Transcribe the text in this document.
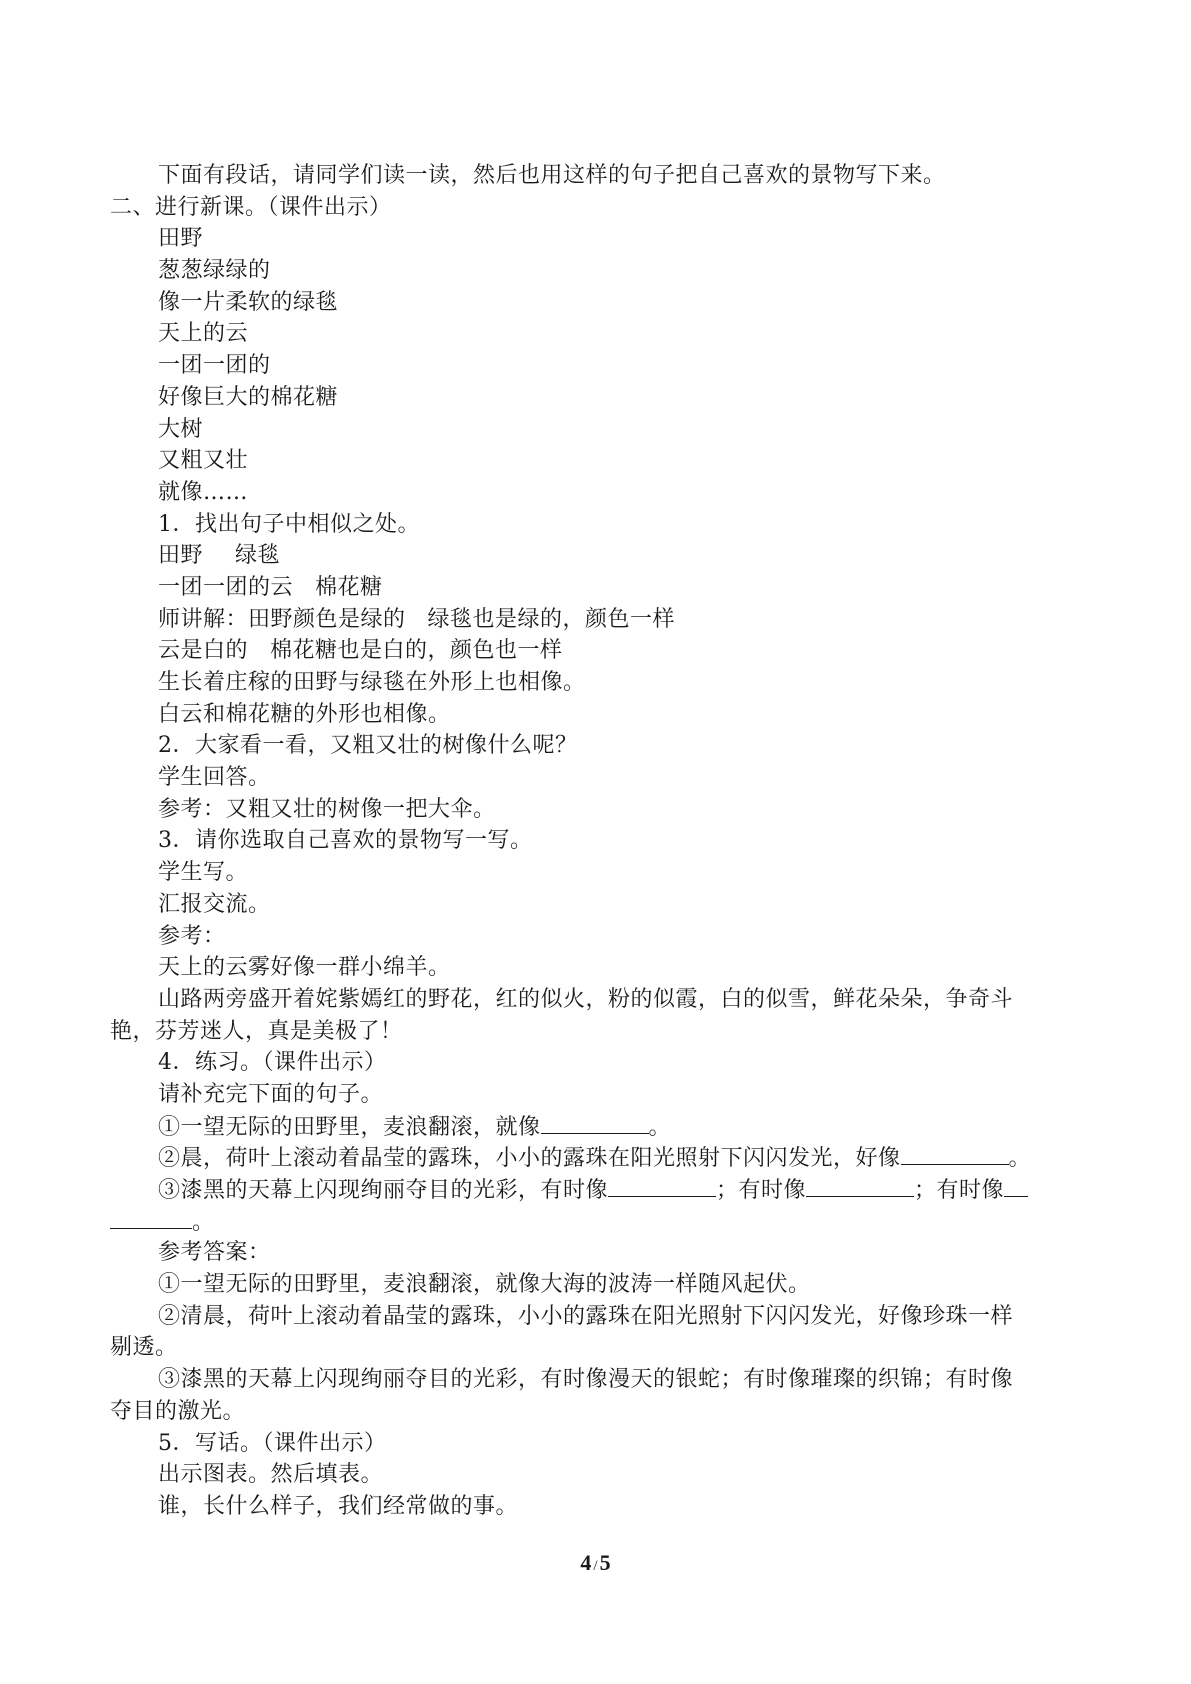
下面有段话，请同学们读一读，然后也用这样的句子把自己喜欢的景物写下来。
二、进行新课。（课件出示）
田野
葱葱绿绿的
像一片柔软的绿毯
天上的云
一团一团的
好像巨大的棉花糖
大树
又粗又壮
就像……
1．找出句子中相似之处。
田野 绿毯
一团一团的云 棉花糖
师讲解：田野颜色是绿的 绿毯也是绿的，颜色一样
云是白的 棉花糖也是白的，颜色也一样
生长着庄稼的田野与绿毯在外形上也相像。
白云和棉花糖的外形也相像。
2．大家看一看，又粗又壮的树像什么呢？
学生回答。
参考：又粗又壮的树像一把大伞。
3．请你选取自己喜欢的景物写一写。
学生写。
汇报交流。
参考：
天上的云雾好像一群小绵羊。
山路两旁盛开着姹紫嫣红的野花，红的似火，粉的似霞，白的似雪，鲜花朵朵，争奇斗
艳，芬芳迷人，真是美极了！
4．练习。（课件出示）
请补充完下面的句子。
①一望无际的田野里，麦浪翻滚，就像	。
②晨，荷叶上滚动着晶莹的露珠，小小的露珠在阳光照射下闪闪发光，好像	。
③漆黑的天幕上闪现绚丽夺目的光彩，有时像	；有时像	；有时像
。
参考答案：
①一望无际的田野里，麦浪翻滚，就像大海的波涛一样随风起伏。
②清晨，荷叶上滚动着晶莹的露珠，小小的露珠在阳光照射下闪闪发光，好像珍珠一样
剔透。
③漆黑的天幕上闪现绚丽夺目的光彩，有时像漫天的银蛇；有时像璀璨的织锦；有时像
夺目的激光。
5．写话。（课件出示）
出示图表。然后填表。
谁，长什么样子，我们经常做的事。
4 /5
